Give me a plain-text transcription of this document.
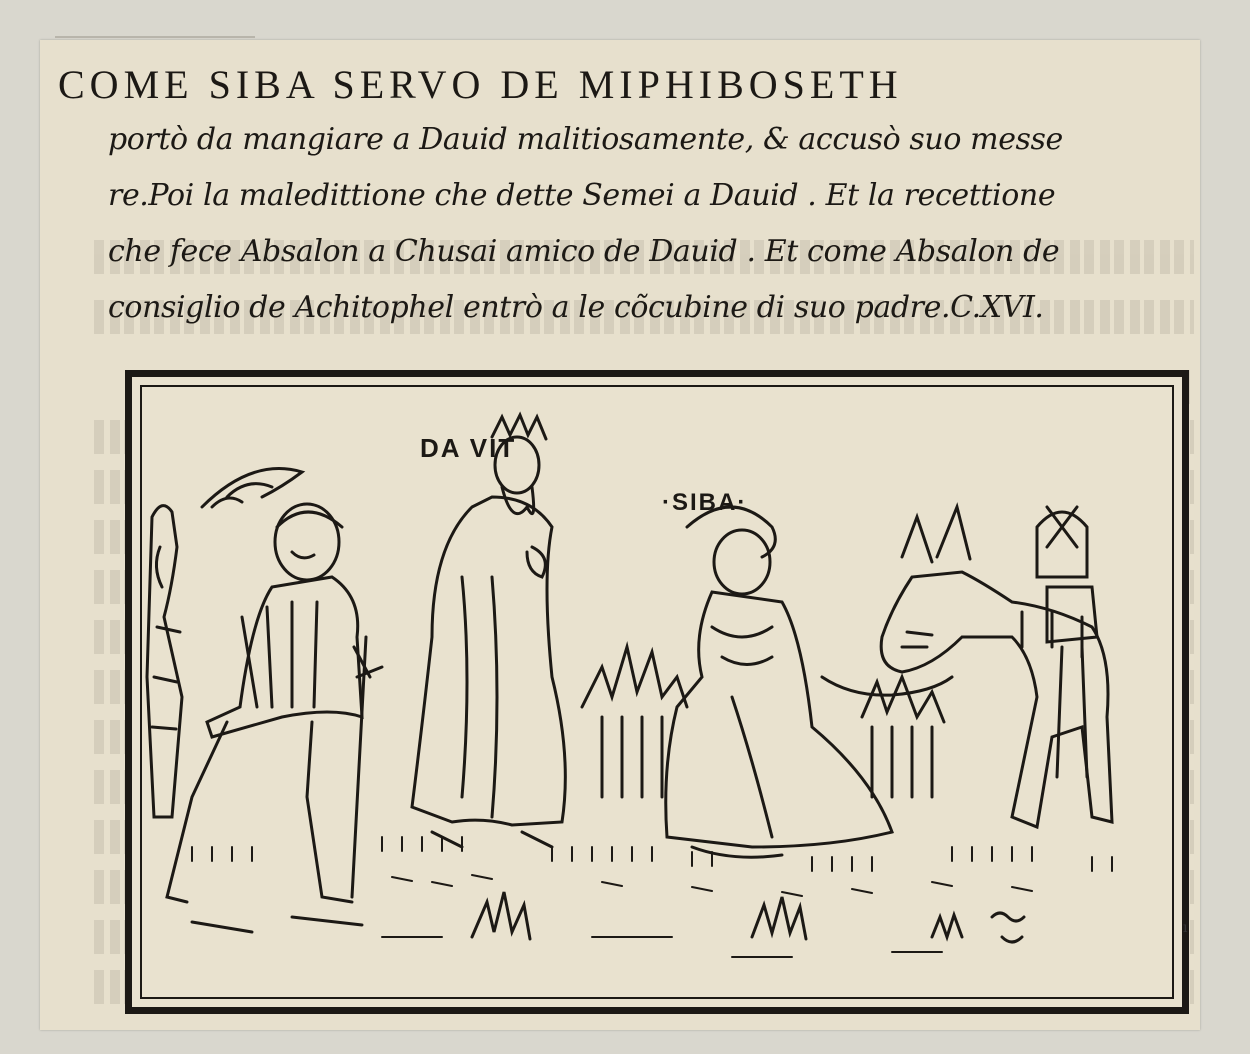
COME SIBA SERVO DE MIPHIBOSETH
portò da mangiare a Dauid malitiosamente, & accusò suo messe
re.Poi la maledittione che dette Semei a Dauid . Et la recettione
che fece Absalon a Chusai amico de Dauid . Et come Absalon de
consiglio de Achitophel entrò a le cõcubine di suo padre.C.XVI.
DA VIT
·SIBA·
ı
